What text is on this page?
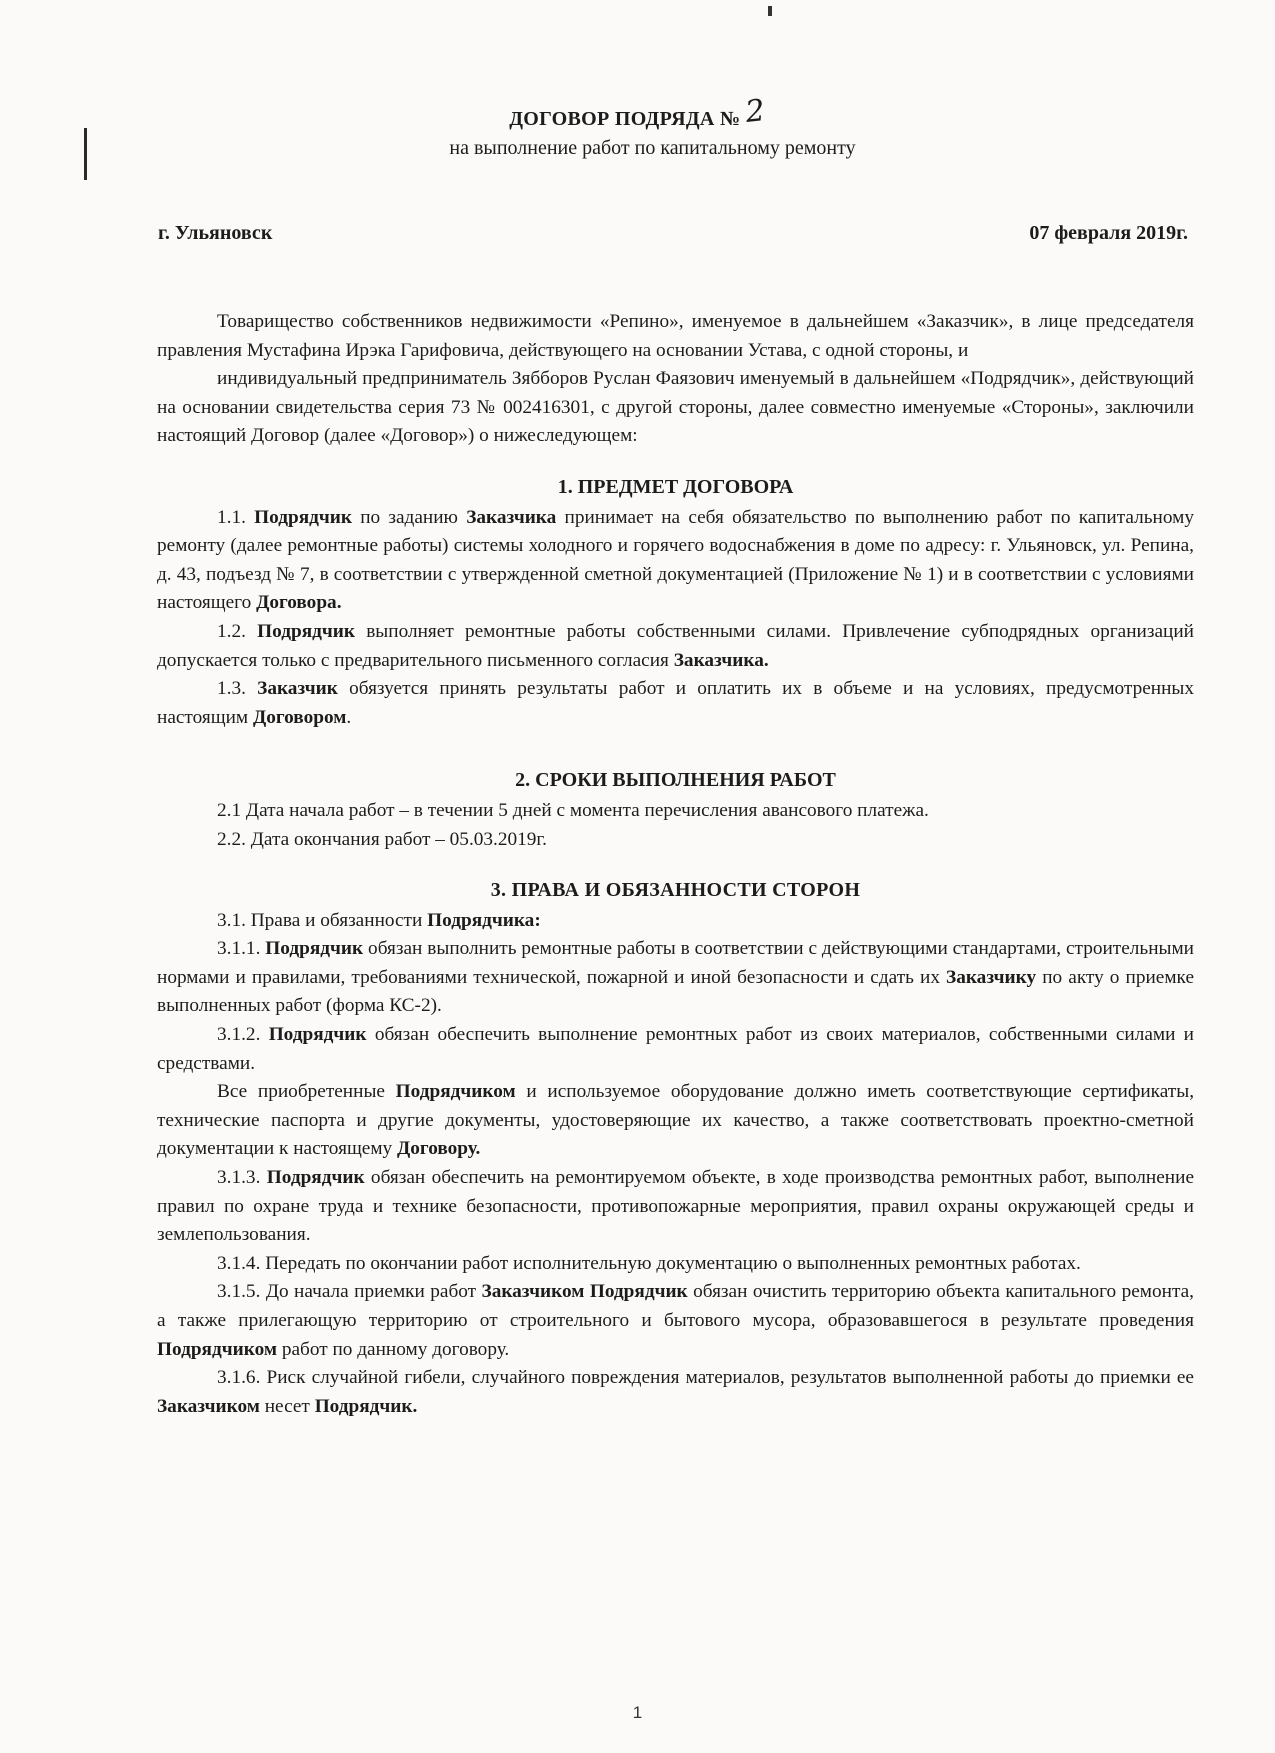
ДОГОВОР ПОДРЯДА № 2
на выполнение работ по капитальному ремонту
г. Ульяновск	07 февраля 2019г.

Товарищество собственников недвижимости «Репино», именуемое в дальнейшем «Заказчик», в лице председателя правления Мустафина Ирэка Гарифовича, действующего на основании Устава, с одной стороны, и

индивидуальный предприниматель Зябборов Руслан Фаязович именуемый в дальнейшем «Подрядчик», действующий на основании свидетельства серия 73 № 002416301, с другой стороны, далее совместно именуемые «Стороны», заключили настоящий Договор (далее «Договор») о нижеследующем:

1. ПРЕДМЕТ ДОГОВОРА

1.1. Подрядчик по заданию Заказчика принимает на себя обязательство по выполнению работ по капитальному ремонту (далее ремонтные работы) системы холодного и горячего водоснабжения в доме по адресу: г. Ульяновск, ул. Репина, д. 43, подъезд № 7, в соответствии с утвержденной сметной документацией (Приложение № 1) и в соответствии с условиями настоящего Договора.

1.2. Подрядчик выполняет ремонтные работы собственными силами. Привлечение субподрядных организаций допускается только с предварительного письменного согласия Заказчика.

1.3. Заказчик обязуется принять результаты работ и оплатить их в объеме и на условиях, предусмотренных настоящим Договором.

2. СРОКИ ВЫПОЛНЕНИЯ РАБОТ

2.1 Дата начала работ – в течении 5 дней с момента перечисления авансового платежа.

2.2. Дата окончания работ – 05.03.2019г.

3. ПРАВА И ОБЯЗАННОСТИ СТОРОН

3.1. Права и обязанности Подрядчика:

3.1.1. Подрядчик обязан выполнить ремонтные работы в соответствии с действующими стандартами, строительными нормами и правилами, требованиями технической, пожарной и иной безопасности и сдать их Заказчику по акту о приемке выполненных работ (форма КС-2).

3.1.2. Подрядчик обязан обеспечить выполнение ремонтных работ из своих материалов, собственными силами и средствами.

Все приобретенные Подрядчиком и используемое оборудование должно иметь соответствующие сертификаты, технические паспорта и другие документы, удостоверяющие их качество, а также соответствовать проектно-сметной документации к настоящему Договору.

3.1.3. Подрядчик обязан обеспечить на ремонтируемом объекте, в ходе производства ремонтных работ, выполнение правил по охране труда и технике безопасности, противопожарные мероприятия, правил охраны окружающей среды и землепользования.

3.1.4. Передать по окончании работ исполнительную документацию о выполненных ремонтных работах.

3.1.5. До начала приемки работ Заказчиком Подрядчик обязан очистить территорию объекта капитального ремонта, а также прилегающую территорию от строительного и бытового мусора, образовавшегося в результате проведения Подрядчиком работ по данному договору.

3.1.6. Риск случайной гибели, случайного повреждения материалов, результатов выполненной работы до приемки ее Заказчиком несет Подрядчик.

1
